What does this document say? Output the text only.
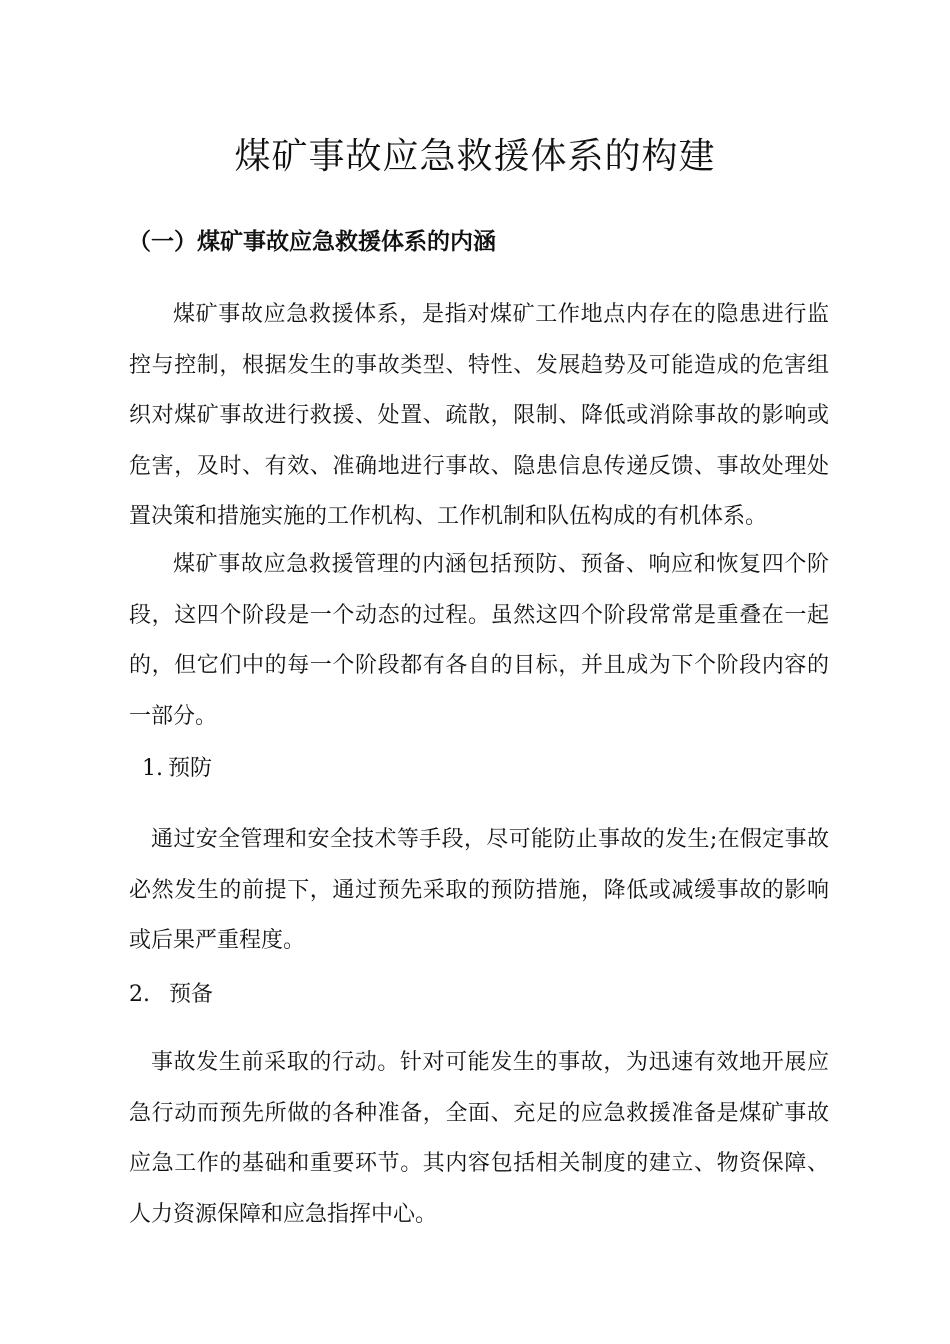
煤矿事故应急救援体系的构建
（一）煤矿事故应急救援体系的内涵

煤矿事故应急救援体系，是指对煤矿工作地点内存在的隐患进行监控与控制，根据发生的事故类型、特性、发展趋势及可能造成的危害组织对煤矿事故进行救援、处置、疏散，限制、降低或消除事故的影响或危害，及时、有效、准确地进行事故、隐患信息传递反馈、事故处理处置决策和措施实施的工作机构、工作机制和队伍构成的有机体系。

煤矿事故应急救援管理的内涵包括预防、预备、响应和恢复四个阶段，这四个阶段是一个动态的过程。虽然这四个阶段常常是重叠在一起的，但它们中的每一个阶段都有各自的目标，并且成为下个阶段内容的一部分。

1. 预防

通过安全管理和安全技术等手段，尽可能防止事故的发生;在假定事故必然发生的前提下，通过预先采取的预防措施，降低或减缓事故的影响或后果严重程度。

2. 预备

事故发生前采取的行动。针对可能发生的事故，为迅速有效地开展应急行动而预先所做的各种准备，全面、充足的应急救援准备是煤矿事故应急工作的基础和重要环节。其内容包括相关制度的建立、物资保障、人力资源保障和应急指挥中心。
